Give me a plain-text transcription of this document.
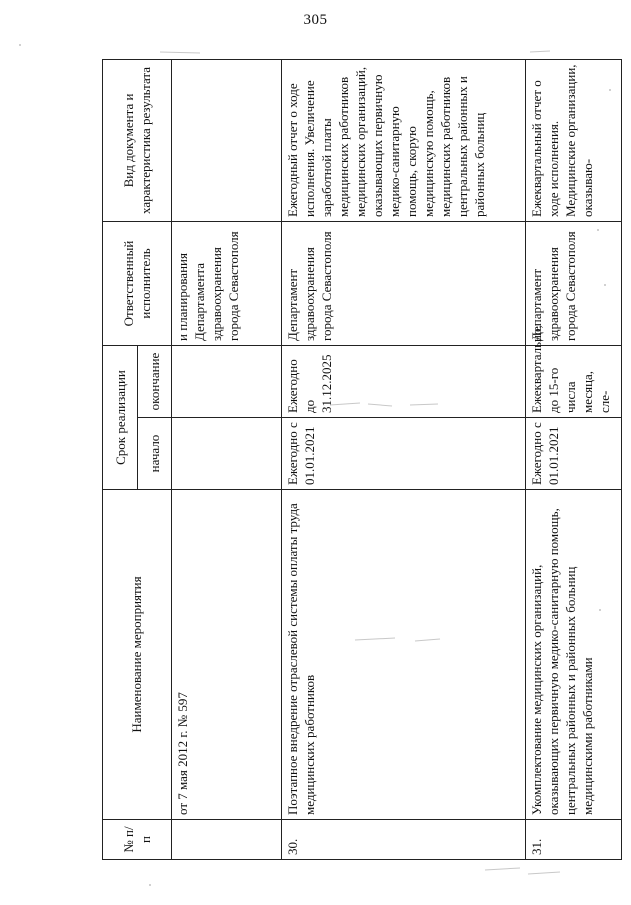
305
№ п/п	Наименование мероприятия	Срок реализации		Ответственный исполнитель	Вид документа и характеристика результата
		начало	окончание		
	от 7 мая 2012 г. № 597			и планирования Департамента здравоохранения города Севастополя	
30.	Поэтапное внедрение отраслевой системы оплаты труда медицинских работников	Ежегодно с 01.01.2021	Ежегодно до 31.12.2025	Департамент здравоохранения города Севастополя	Ежегодный отчет о ходе исполнения. Увеличение заработной платы медицинских работников медицинских организаций, оказывающих первичную медико-санитарную помощь, скорую медицинскую помощь, медицинских работников центральных районных и районных больниц
31.	Укомплектование медицинских организаций, оказывающих первичную медико-санитарную помощь, центральных районных и районных больниц медицинскими работниками	Ежегодно с 01.01.2021	Ежеквартально, до 15-го числа месяца, сле-	Департамент здравоохранения города Севастополя	Ежеквартальный отчет о ходе исполнения. Медицинские организации, оказываю-
